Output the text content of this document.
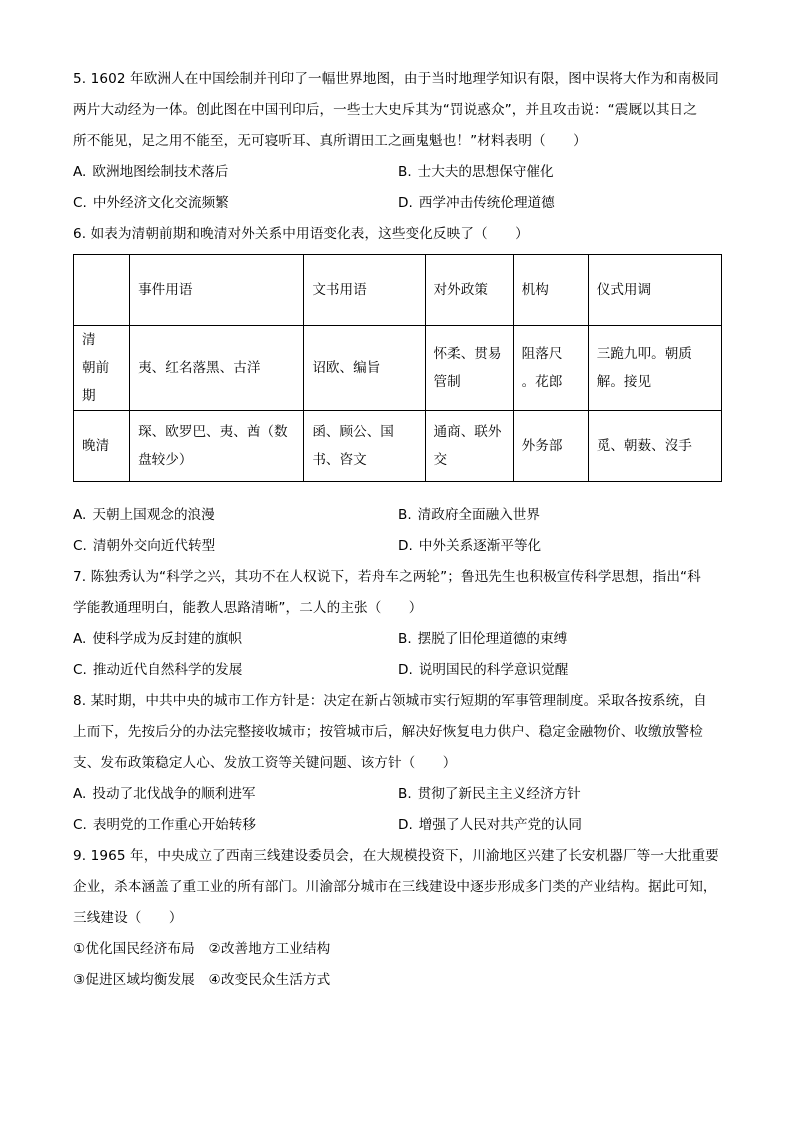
5. 1602 年欧洲人在中国绘制并刊印了一幅世界地图，由于当时地理学知识有限，图中误将大作为和南极同
两片大动经为一体。创此图在中国刊印后，一些士大史斥其为“罚说惑众”，并且攻击说：“震厩以其日之
所不能见，足之用不能至，无可寝听耳、真所谓田工之画鬼魁也！”材料表明（　　）
A. 欧洲地图绘制技术落后	B. 士大夫的思想保守催化
C. 中外经济文化交流频繁	D. 西学冲击传统伦理道德
6. 如表为清朝前期和晚清对外关系中用语变化表，这些变化反映了（　　）
	事件用语	文书用语	对外政策	机构	仪式用调
清　朝前期	夷、红名落黑、古洋	诏欧、编旨	怀柔、贯易管制	阻落尺 。花郎	三跪九叩。朝质解。接见
晚清	琛、欧罗巴、夷、酋（数盘较少）	函、顾公、国书、咨文	通商、联外交	外务部	觅、朝薮、沒手
A. 天朝上国观念的浪漫	B. 清政府全面融入世界
C. 清朝外交向近代转型	D. 中外关系逐渐平等化
7. 陈独秀认为“科学之兴，其功不在人权说下，若舟车之两轮”；鲁迅先生也积极宣传科学思想，指出“科
学能教通理明白，能教人思路清晰”，二人的主张（　　）
A. 使科学成为反封建的旗帜	B. 摆脱了旧伦理道德的束缚
C. 推动近代自然科学的发展	D. 说明国民的科学意识觉醒
8. 某时期，中共中央的城市工作方针是：决定在新占领城市实行短期的军事管理制度。采取各按系统，自
上而下，先按后分的办法完整接收城市；按管城市后，解决好恢复电力供户、稳定金融物价、收缴放警检
支、发布政策稳定人心、发放工资等关键问题、该方针（　　）
A. 投动了北伐战争的顺利进军	B. 贯彻了新民主主义经济方针
C. 表明党的工作重心开始转移	D. 增强了人民对共产党的认同
9. 1965 年，中央成立了西南三线建设委员会，在大规模投资下，川渝地区兴建了长安机器厂等一大批重要
企业，杀本涵盖了重工业的所有部门。川渝部分城市在三线建设中逐步形成多门类的产业结构。据此可知，
三线建设（　　）
①优化国民经济布局　②改善地方工业结构
③促进区域均衡发展　④改变民众生活方式
